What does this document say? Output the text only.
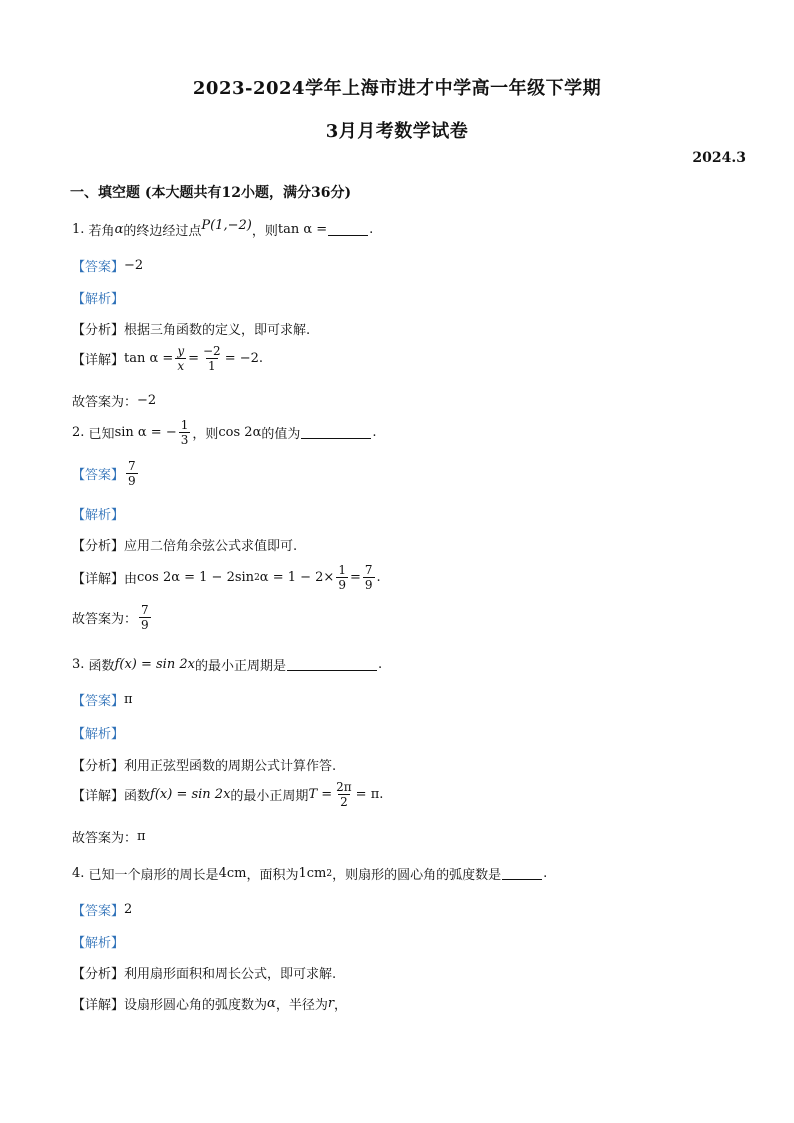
2023-2024学年上海市进才中学高一年级下学期
3月月考数学试卷
2024.3
一、填空题 (本大题共有12小题，满分36分)
1.
若角 α 的终边经过点 P(1,−2) ，则 tan α =	.
【答案】 −2
【解析】
【分析】 根据三角函数的定义，即可求解.
【详解】 $\tan \alpha = \frac{y}{x} = \frac{-2}{1} = -2$.
故答案为： −2
2.
已知 sin α = − $\frac{1}{3}$ ，则 cos 2α 的值为	.
【答案】 $\frac{7}{9}$
【解析】
【分析】 应用二倍角余弦公式求值即可.
【详解】 由 cos 2α = 1 − 2sin 2 $\alpha = 1 - 2\times \frac{1}{9} = \frac{7}{9}$ .
故答案为： $\frac{7}{9}$
3.
函数 f(x) = sin 2x 的最小正周期是	.
【答案】 π
【解析】
【分析】 利用正弦型函数的周期公式计算作答.
【详解】 函数 f(x) = sin 2x 的最小正周期 $T = \frac{2\pi}{2} = \pi$.
故答案为： π
4.
已知一个扇形的周长是 4cm ，面积为 1cm 2 ，则扇形的圆心角的弧度数是	.
【答案】 2
【解析】
【分析】 利用扇形面积和周长公式，即可求解.
【详解】 设扇形圆心角的弧度数为 α ，半径为 r ，
